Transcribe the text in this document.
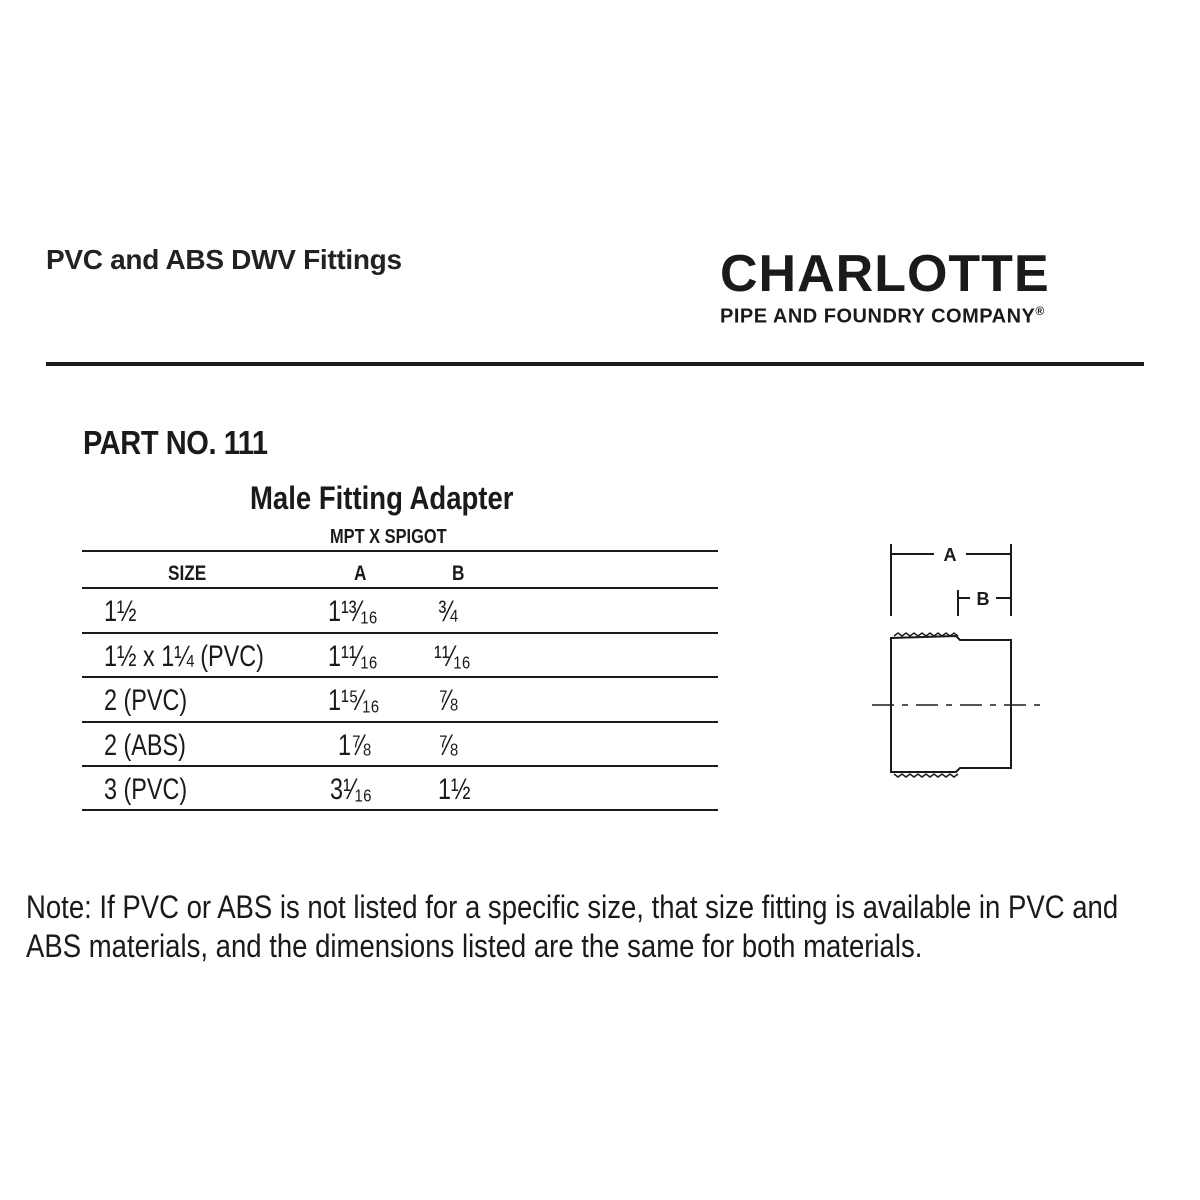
PVC and ABS DWV Fittings	CHARLOTTE
PIPE AND FOUNDRY COMPANY®
PART NO. 111
Male Fitting Adapter
MPT X SPIGOT
SIZE	A	B
1½	1¹³⁄₁₆ ¾
1½ x 1¼ (PVC) 1¹¹⁄₁₆ ¹¹⁄₁₆
2 (PVC)	1¹⁵⁄₁₆ ⅞
2 (ABS)	1⅞ ⅞
3 (PVC)	3¹⁄₁₆ 1½
A
B
Note: If PVC or ABS is not listed for a specific size, that size fitting is available in PVC and ABS materials, and the dimensions listed are the same for both materials.
